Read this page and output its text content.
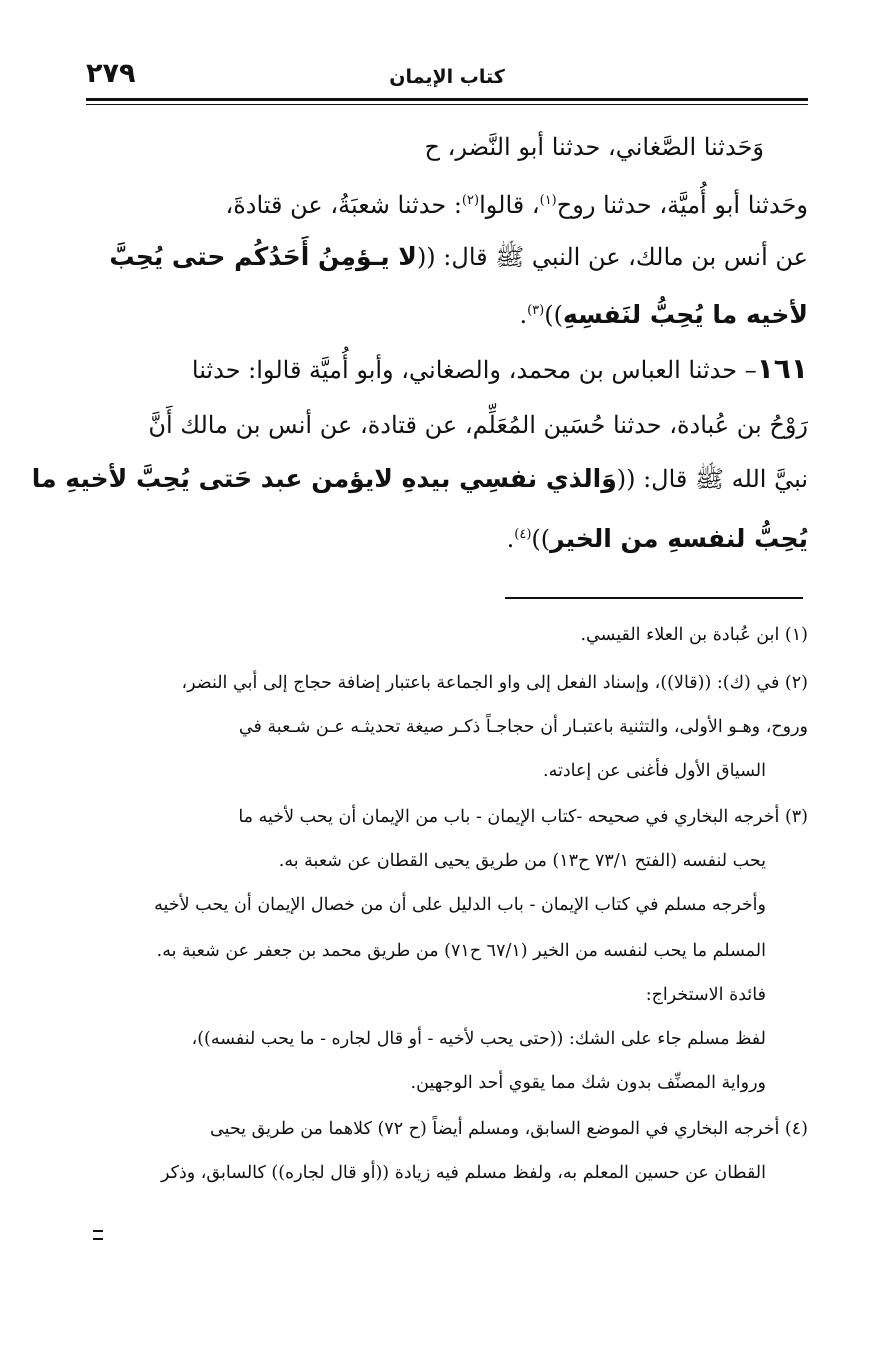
٢٧٩	كتاب الإيمان
وَحَدثنا الصَّغاني، حدثنا أبو النَّضر، ح
وحَدثنا أبو أُميَّة، حدثنا روح$^{(١)}$، قالوا$^{(٢)}$: حدثنا شعبَةُ، عن قتادةَ،
عن أنس بن مالك، عن النبي ﷺ قال: ((لا يـؤمِنُ أَحَدُكُم حتى يُحِبَّ
لأخيه ما يُحِبُّ لنَفسِهِ))$^{(٣)}$.
١٦١– حدثنا العباس بن محمد، والصغاني، وأبو أُميَّة قالوا: حدثنا
رَوْحُ بن عُبادة، حدثنا حُسَين المُعَلِّم، عن قتادة، عن أنس بن مالك أَنَّ
نبيَّ الله ﷺ قال: ((وَالذي نفسِي بيدهِ لايؤمن عبد حَتى يُحِبَّ لأخيهِ ما
يُحِبُّ لنفسهِ من الخير))$^{(٤)}$.
(١) ابن عُبادة بن العلاء القيسي.
(٢) في (ك): ((قالا))، وإسناد الفعل إلى واو الجماعة باعتبار إضافة حجاج إلى أبي النضر،
وروح، وهـو الأولى، والتثنية باعتبـار أن حجاجـاً ذكـر صيغة تحديثـه عـن شـعبة في
السياق الأول فأغنى عن إعادته.
(٣) أخرجه البخاري في صحيحه -كتاب الإيمان - باب من الإيمان أن يحب لأخيه ما
يحب لنفسه (الفتح ٧٣/١ ح١٣) من طريق يحيى القطان عن شعبة به.
وأخرجه مسلم في كتاب الإيمان - باب الدليل على أن من خصال الإيمان أن يحب لأخيه
المسلم ما يحب لنفسه من الخير (٦٧/١ ح٧١) من طريق محمد بن جعفر عن شعبة به.
فائدة الاستخراج:
لفظ مسلم جاء على الشك: ((حتى يحب لأخيه - أو قال لجاره - ما يحب لنفسه))،
ورواية المصنِّف بدون شك مما يقوي أحد الوجهين.
(٤) أخرجه البخاري في الموضع السابق، ومسلم أيضاً (ح ٧٢) كلاهما من طريق يحيى
القطان عن حسين المعلم به، ولفظ مسلم فيه زيادة ((أو قال لجاره)) كالسابق، وذكر
